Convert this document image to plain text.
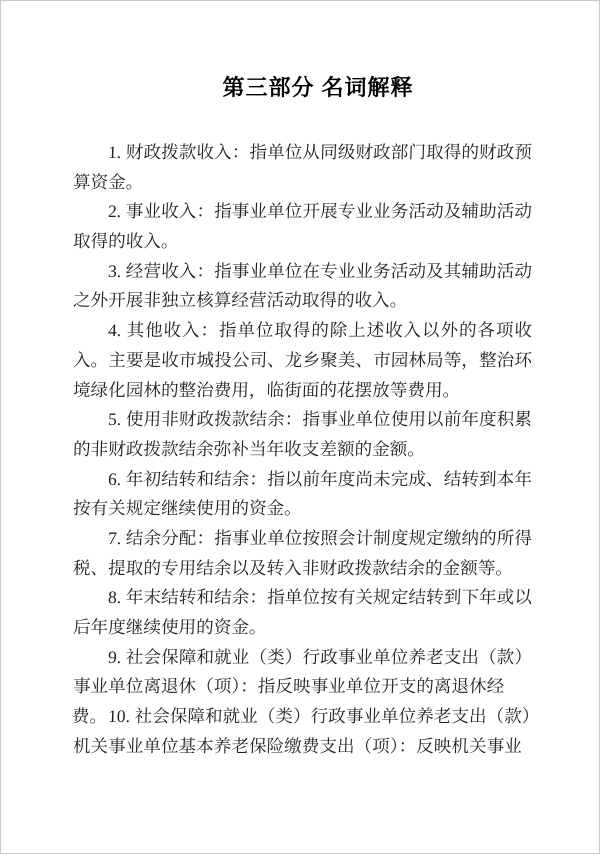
第三部分 名词解释
1. 财政拨款收入：指单位从同级财政部门取得的财政预
算资金。
2. 事业收入：指事业单位开展专业业务活动及辅助活动
取得的收入。
3. 经营收入：指事业单位在专业业务活动及其辅助活动
之外开展非独立核算经营活动取得的收入。
4. 其他收入：指单位取得的除上述收入以外的各项收
入。主要是收市城投公司、龙乡聚美、市园林局等，整治环
境绿化园林的整治费用，临街面的花摆放等费用。
5. 使用非财政拨款结余：指事业单位使用以前年度积累
的非财政拨款结余弥补当年收支差额的金额。
6. 年初结转和结余：指以前年度尚未完成、结转到本年
按有关规定继续使用的资金。
7. 结余分配：指事业单位按照会计制度规定缴纳的所得
税、提取的专用结余以及转入非财政拨款结余的金额等。
8. 年末结转和结余：指单位按有关规定结转到下年或以
后年度继续使用的资金。
9. 社会保障和就业（类）行政事业单位养老支出（款）
事业单位离退休（项）：指反映事业单位开支的离退休经费。 10. 社会保障和就业（类）行政事业单位养老支出（款）
机关事业单位基本养老保险缴费支出（项）：反映机关事业
